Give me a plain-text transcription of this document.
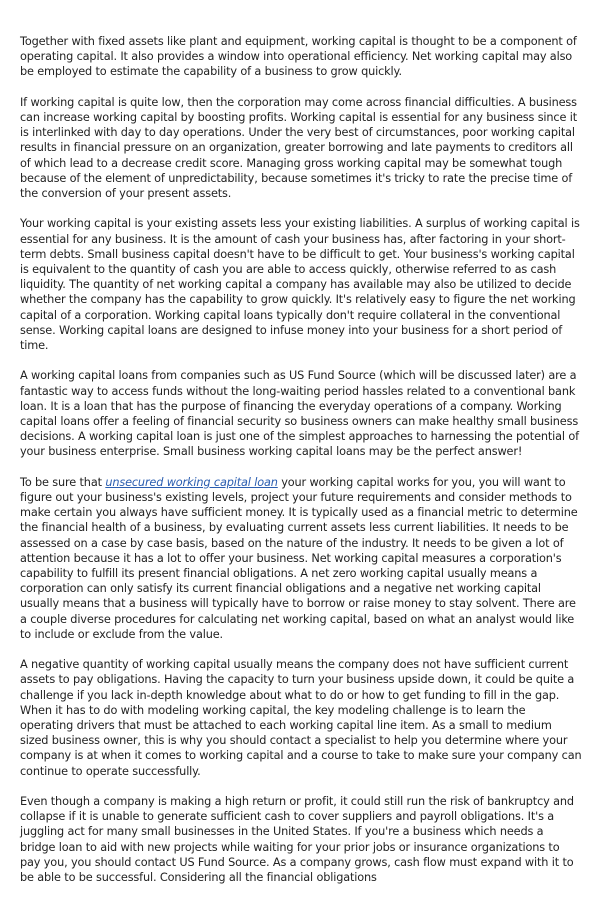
Together with fixed assets like plant and equipment, working capital is thought to be a component of operating capital. It also provides a window into operational efficiency. Net working capital may also be employed to estimate the capability of a business to grow quickly.

If working capital is quite low, then the corporation may come across financial difficulties. A business can increase working capital by boosting profits. Working capital is essential for any business since it is interlinked with day to day operations. Under the very best of circumstances, poor working capital results in financial pressure on an organization, greater borrowing and late payments to creditors all of which lead to a decrease credit score. Managing gross working capital may be somewhat tough because of the element of unpredictability, because sometimes it's tricky to rate the precise time of the conversion of your present assets.

Your working capital is your existing assets less your existing liabilities. A surplus of working capital is essential for any business. It is the amount of cash your business has, after factoring in your short-term debts. Small business capital doesn't have to be difficult to get. Your business's working capital is equivalent to the quantity of cash you are able to access quickly, otherwise referred to as cash liquidity. The quantity of net working capital a company has available may also be utilized to decide whether the company has the capability to grow quickly. It's relatively easy to figure the net working capital of a corporation. Working capital loans typically don't require collateral in the conventional sense. Working capital loans are designed to infuse money into your business for a short period of time.

A working capital loans from companies such as US Fund Source (which will be discussed later) are a fantastic way to access funds without the long-waiting period hassles related to a conventional bank loan. It is a loan that has the purpose of financing the everyday operations of a company. Working capital loans offer a feeling of financial security so business owners can make healthy small business decisions. A working capital loan is just one of the simplest approaches to harnessing the potential of your business enterprise. Small business working capital loans may be the perfect answer!

To be sure that unsecured working capital loan your working capital works for you, you will want to figure out your business's existing levels, project your future requirements and consider methods to make certain you always have sufficient money. It is typically used as a financial metric to determine the financial health of a business, by evaluating current assets less current liabilities. It needs to be assessed on a case by case basis, based on the nature of the industry. It needs to be given a lot of attention because it has a lot to offer your business. Net working capital measures a corporation's capability to fulfill its present financial obligations. A net zero working capital usually means a corporation can only satisfy its current financial obligations and a negative net working capital usually means that a business will typically have to borrow or raise money to stay solvent. There are a couple diverse procedures for calculating net working capital, based on what an analyst would like to include or exclude from the value.

A negative quantity of working capital usually means the company does not have sufficient current assets to pay obligations. Having the capacity to turn your business upside down, it could be quite a challenge if you lack in-depth knowledge about what to do or how to get funding to fill in the gap. When it has to do with modeling working capital, the key modeling challenge is to learn the operating drivers that must be attached to each working capital line item. As a small to medium sized business owner, this is why you should contact a specialist to help you determine where your company is at when it comes to working capital and a course to take to make sure your company can continue to operate successfully.

Even though a company is making a high return or profit, it could still run the risk of bankruptcy and collapse if it is unable to generate sufficient cash to cover suppliers and payroll obligations. It's a juggling act for many small businesses in the United States. If you're a business which needs a bridge loan to aid with new projects while waiting for your prior jobs or insurance organizations to pay you, you should contact US Fund Source. As a company grows, cash flow must expand with it to be able to be successful. Considering all the financial obligations
